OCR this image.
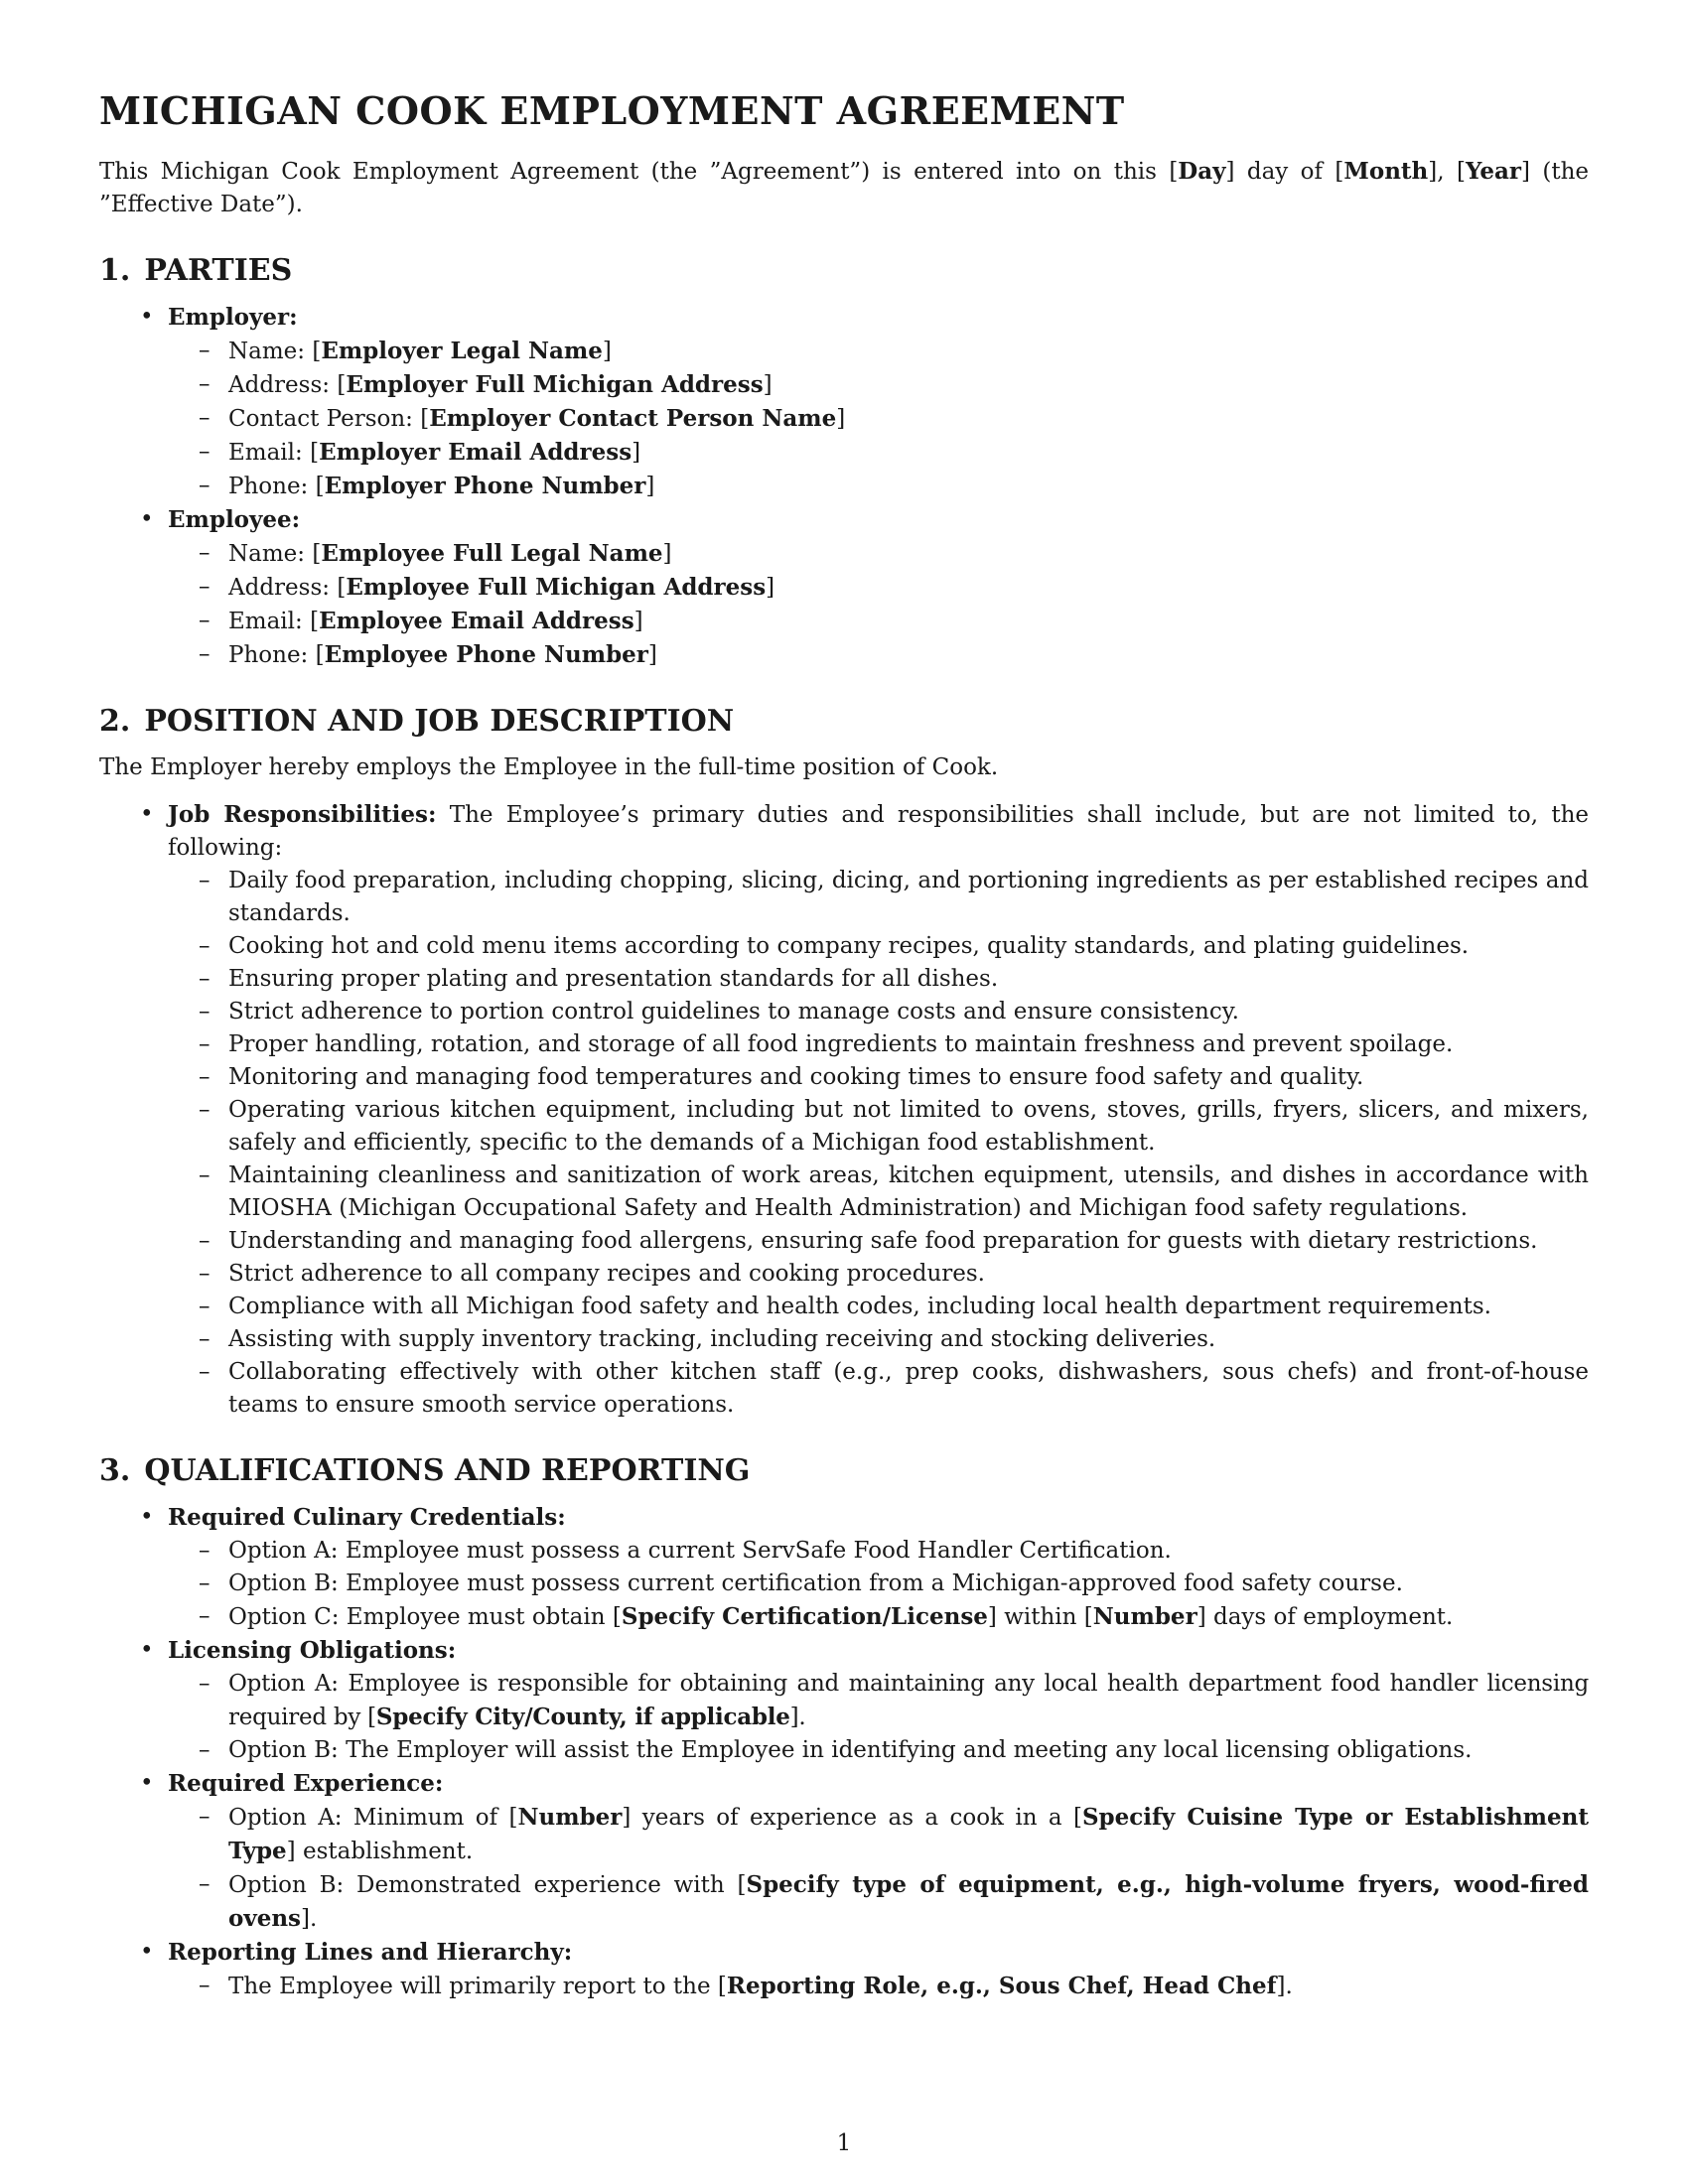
MICHIGAN COOK EMPLOYMENT AGREEMENT

This Michigan Cook Employment Agreement (the ”Agreement”) is entered into on this [Day] day of [Month], [Year] (the ”Effective Date”).

1. PARTIES
• Employer:
– Name: [Employer Legal Name]
– Address: [Employer Full Michigan Address]
– Contact Person: [Employer Contact Person Name]
– Email: [Employer Email Address]
– Phone: [Employer Phone Number]
• Employee:
– Name: [Employee Full Legal Name]
– Address: [Employee Full Michigan Address]
– Email: [Employee Email Address]
– Phone: [Employee Phone Number]
2. POSITION AND JOB DESCRIPTION

The Employer hereby employs the Employee in the full-time position of Cook.

• Job Responsibilities: The Employee’s primary duties and responsibilities shall include, but are not limited to, the following:
– Daily food preparation, including chopping, slicing, dicing, and portioning ingredients as per established recipes and standards.
– Cooking hot and cold menu items according to company recipes, quality standards, and plating guidelines.
– Ensuring proper plating and presentation standards for all dishes.
– Strict adherence to portion control guidelines to manage costs and ensure consistency.
– Proper handling, rotation, and storage of all food ingredients to maintain freshness and prevent spoilage.
– Monitoring and managing food temperatures and cooking times to ensure food safety and quality.
– Operating various kitchen equipment, including but not limited to ovens, stoves, grills, fryers, slicers, and mixers, safely and efficiently, specific to the demands of a Michigan food establishment.
– Maintaining cleanliness and sanitization of work areas, kitchen equipment, utensils, and dishes in accordance with MIOSHA (Michigan Occupational Safety and Health Administration) and Michigan food safety regulations.
– Understanding and managing food allergens, ensuring safe food preparation for guests with dietary restrictions.
– Strict adherence to all company recipes and cooking procedures.
– Compliance with all Michigan food safety and health codes, including local health department requirements.
– Assisting with supply inventory tracking, including receiving and stocking deliveries.
– Collaborating effectively with other kitchen staff (e.g., prep cooks, dishwashers, sous chefs) and front-of-house teams to ensure smooth service operations.
3. QUALIFICATIONS AND REPORTING
• Required Culinary Credentials:
– Option A: Employee must possess a current ServSafe Food Handler Certification.
– Option B: Employee must possess current certification from a Michigan-approved food safety course.
– Option C: Employee must obtain [Specify Certification/License] within [Number] days of employment.
• Licensing Obligations:
– Option A: Employee is responsible for obtaining and maintaining any local health department food handler licensing required by [Specify City/County, if applicable].
– Option B: The Employer will assist the Employee in identifying and meeting any local licensing obligations.
• Required Experience:
– Option A: Minimum of [Number] years of experience as a cook in a [Specify Cuisine Type or Establishment Type] establishment.
– Option B: Demonstrated experience with [Specify type of equipment, e.g., high-volume fryers, wood-fired ovens].
• Reporting Lines and Hierarchy:
– The Employee will primarily report to the [Reporting Role, e.g., Sous Chef, Head Chef].
1
